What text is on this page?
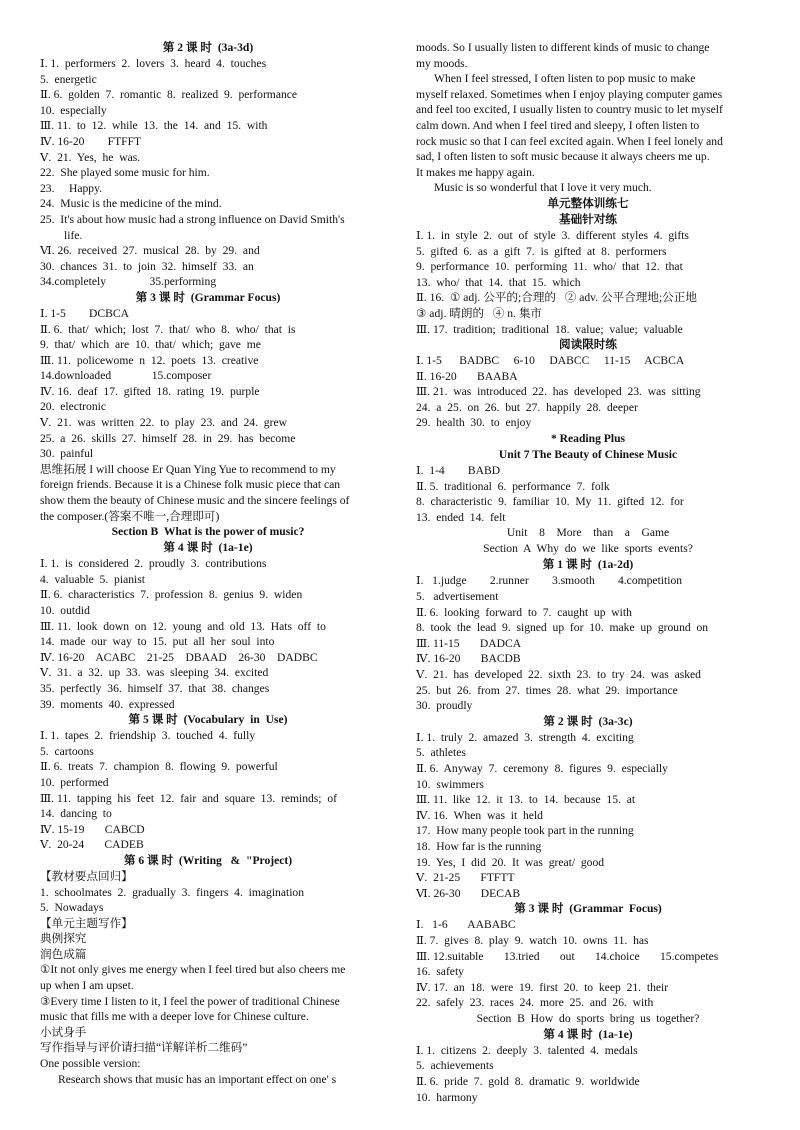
第 2 课 时  (3a-3d)
Ⅰ. 1.  performers  2.  lovers  3.  heard  4.  touches
5.  energetic
Ⅱ. 6.  golden  7.  romantic  8.  realized  9.  performance
10.  especially
Ⅲ. 11.  to  12.  while  13.  the  14.  and  15.  with
Ⅳ. 16-20        FTFFT
Ⅴ.  21.  Yes,  he  was.
22.  She played some music for him.
23.     Happy.
24.  Music is the medicine of the mind.
25.  It's about how music had a strong influence on David Smith's
life.
Ⅵ. 26.  received  27.  musical  28.  by  29.  and
30.  chances  31.  to  join  32.  himself  33.  an
34.completely               35.performing
第 3 课 时  (Grammar Focus)
Ⅰ. 1-5        DCBCA
Ⅱ. 6.  that/  which;  lost  7.  that/  who  8.  who/  that  is
9.  that/  which  are  10.  that/  which;  gave  me
Ⅲ. 11.  policewome  n  12.  poets  13.  creative
14.downloaded              15.composer
Ⅳ. 16.  deaf  17.  gifted  18.  rating  19.  purple
20.  electronic
Ⅴ.  21.  was  written  22.  to  play  23.  and  24.  grew
25.  a  26.  skills  27.  himself  28.  in  29.  has  become
30.  painful
思维拓展 I will choose Er Quan Ying Yue to recommend to my
foreign friends. Because it is a Chinese folk music piece that can
show them the beauty of Chinese music and the sincere feelings of
the composer.(答案不唯一,合理即可)
Section B  What is the power of music?
第 4 课 时  (1a-1e)
Ⅰ. 1.  is  considered  2.  proudly  3.  contributions
4.  valuable  5.  pianist
Ⅱ. 6.  characteristics  7.  profession  8.  genius  9.  widen
10.  outdid
Ⅲ. 11.  look  down  on  12.  young  and  old  13.  Hats  off  to
14.  made  our  way  to  15.  put  all  her  soul  into
Ⅳ. 16-20    ACABC    21-25    DBAAD    26-30    DADBC
Ⅴ.  31.  a  32.  up  33.  was  sleeping  34.  excited
35.  perfectly  36.  himself  37.  that  38.  changes
39.  moments  40.  expressed
第 5 课 时  (Vocabulary  in  Use)
Ⅰ. 1.  tapes  2.  friendship  3.  touched  4.  fully
5.  cartoons
Ⅱ. 6.  treats  7.  champion  8.  flowing  9.  powerful
10.  performed
Ⅲ. 11.  tapping  his  feet  12.  fair  and  square  13.  reminds;  of
14.  dancing  to
Ⅳ. 15-19       CABCD
Ⅴ.  20-24       CADEB
第 6 课 时  (Writing   &  "Project)
【教材要点回归】
1.  schoolmates  2.  gradually  3.  fingers  4.  imagination
5.  Nowadays
【单元主题写作】
典例探究
润色成篇
①It not only gives me energy when I feel tired but also cheers me
up when I am upset.
③Every time I listen to it, I feel the power of traditional Chinese
music that fills me with a deeper love for Chinese culture.
小试身手
写作指导与评价请扫描“详解详析二维码”
One possible version:
Research shows that music has an important effect on one' s
moods. So I usually listen to different kinds of music to change
my moods.
When I feel stressed, I often listen to pop music to make
myself relaxed. Sometimes when I enjoy playing computer games
and feel too excited, I usually listen to country music to let myself
calm down. And when I feel tired and sleepy, I often listen to
rock music so that I can feel excited again. When I feel lonely and
sad, I often listen to soft music because it always cheers me up.
It makes me happy again.
Music is so wonderful that I love it very much.
单元整体训练七
基础针对练
Ⅰ. 1.  in  style  2.  out  of  style  3.  different  styles  4.  gifts
5.  gifted  6.  as  a  gift  7.  is  gifted  at  8.  performers
9.  performance  10.  performing  11.  who/  that  12.  that
13.  who/  that  14.  that  15.  which
Ⅱ. 16.  ① adj. 公平的;合理的   ② adv. 公平合理地;公正地
③ adj. 晴朗的   ④ n. 集市
Ⅲ. 17.  tradition;  traditional  18.  value;  value;  valuable
阅读限时练
Ⅰ. 1-5      BADBC     6-10     DABCC     11-15     ACBCA
Ⅱ. 16-20       BAABA
Ⅲ. 21.  was  introduced  22.  has  developed  23.  was  sitting
24.  a  25.  on  26.  but  27.  happily  28.  deeper
29.  health  30.  to  enjoy
* Reading Plus
Unit 7 The Beauty of Chinese Music
Ⅰ.  1-4        BABD
Ⅱ. 5.  traditional  6.  performance  7.  folk
8.  characteristic  9.  familiar  10.  My  11.  gifted  12.  for
13.  ended  14.  felt
Unit    8    More    than    a    Game
Section  A  Why  do  we  like  sports  events?
第 1 课 时  (1a-2d)
Ⅰ.   1.judge        2.runner        3.smooth        4.competition
5.   advertisement
Ⅱ. 6.  looking  forward  to  7.  caught  up  with
8.  took  the  lead  9.  signed  up  for  10.  make  up  ground  on
Ⅲ. 11-15       DADCA
Ⅳ. 16-20       BACDB
Ⅴ.  21.  has  developed  22.  sixth  23.  to  try  24.  was  asked
25.  but  26.  from  27.  times  28.  what  29.  importance
30.  proudly
第 2 课 时  (3a-3c)
Ⅰ. 1.  truly  2.  amazed  3.  strength  4.  exciting
5.  athletes
Ⅱ. 6.  Anyway  7.  ceremony  8.  figures  9.  especially
10.  swimmers
Ⅲ. 11.  like  12.  it  13.  to  14.  because  15.  at
Ⅳ. 16.  When  was  it  held
17.  How many people took part in the running
18.  How far is the running
19.  Yes,  I  did  20.  It  was  great/  good
Ⅴ.  21-25       FTFTT
Ⅵ. 26-30       DECAB
第 3 课 时  (Grammar  Focus)
Ⅰ.   1-6       AABABC
Ⅱ. 7.  gives  8.  play  9.  watch  10.  owns  11.  has
Ⅲ. 12.suitable       13.tried       out       14.choice       15.competes
16.  safety
Ⅳ. 17.  an  18.  were  19.  first  20.  to  keep  21.  their
22.  safely  23.  races  24.  more  25.  and  26.  with
Section  B  How  do  sports  bring  us  together?
第 4 课 时  (1a-1e)
Ⅰ. 1.  citizens  2.  deeply  3.  talented  4.  medals
5.  achievements
Ⅱ. 6.  pride  7.  gold  8.  dramatic  9.  worldwide
10.  harmony
